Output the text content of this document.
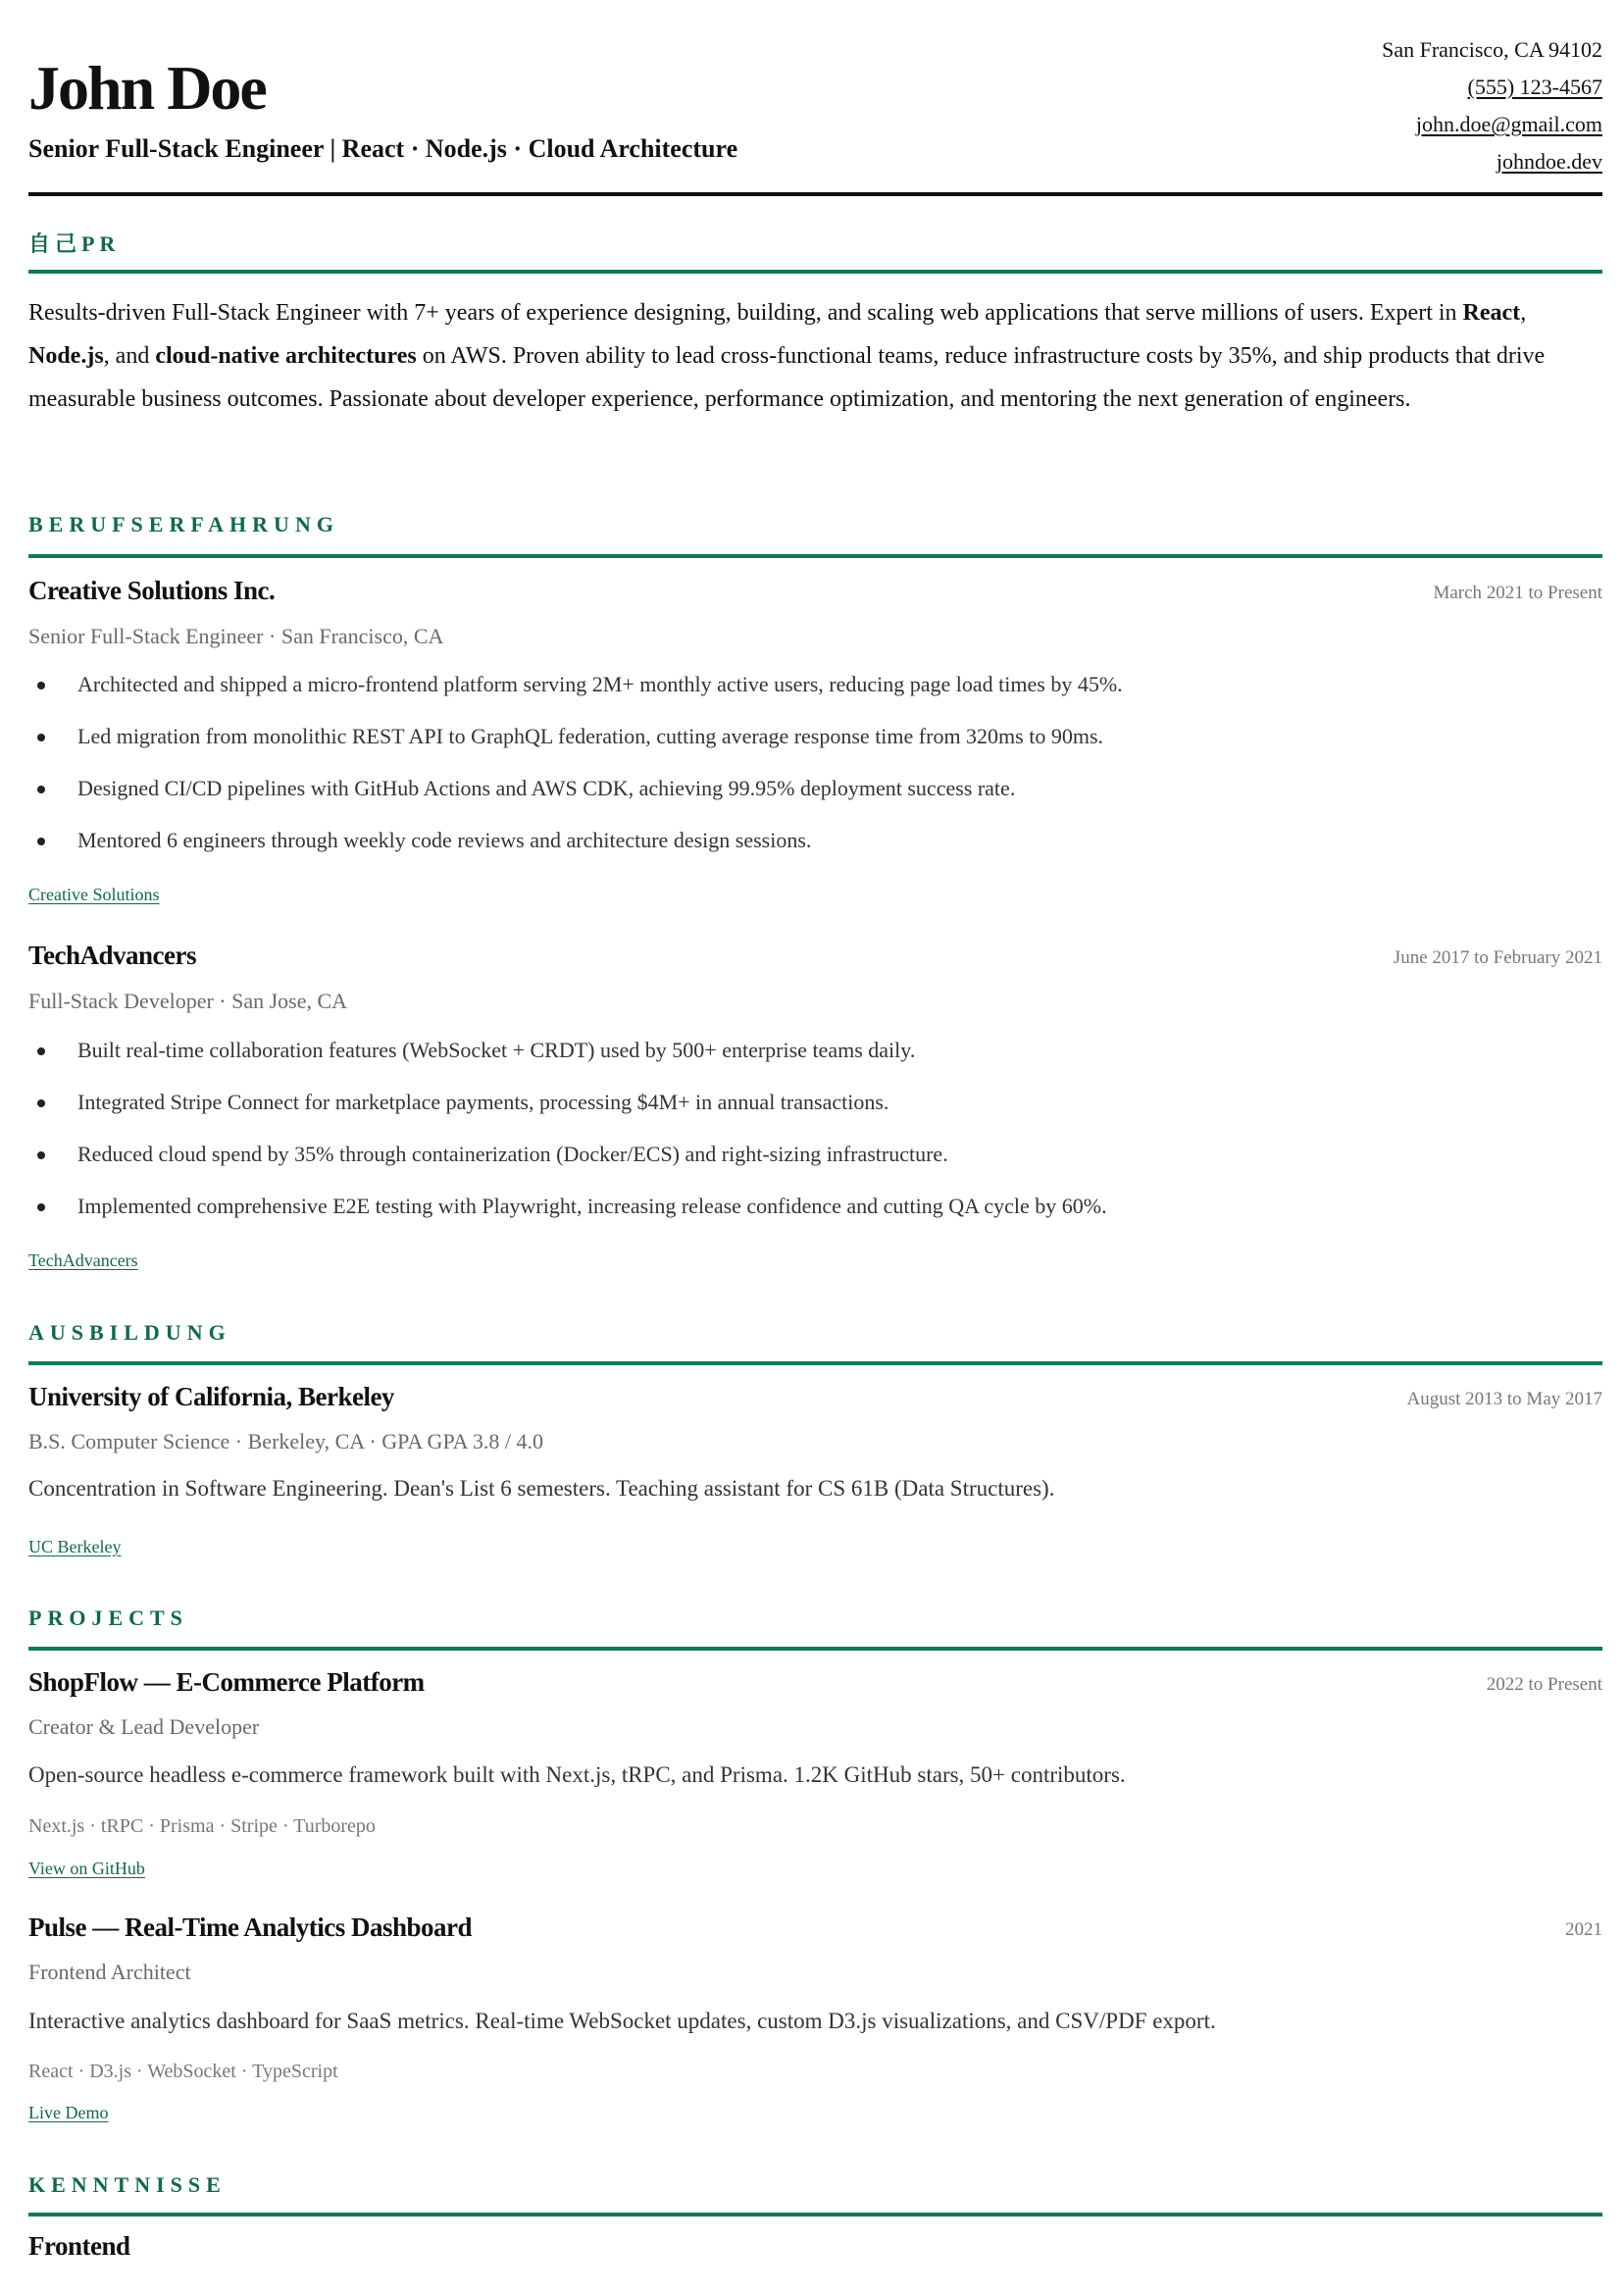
John Doe
Senior Full-Stack Engineer | React · Node.js · Cloud Architecture
San Francisco, CA 94102
(555) 123-4567
john.doe@gmail.com
johndoe.dev
自己PR
Results-driven Full-Stack Engineer with 7+ years of experience designing, building, and scaling web applications that serve millions of users. Expert in React, Node.js, and cloud-native architectures on AWS. Proven ability to lead cross-functional teams, reduce infrastructure costs by 35%, and ship products that drive measurable business outcomes. Passionate about developer experience, performance optimization, and mentoring the next generation of engineers.
BERUFSERFAHRUNG
Creative Solutions Inc.	March 2021 to Present
Senior Full-Stack Engineer · San Francisco, CA
Architected and shipped a micro-frontend platform serving 2M+ monthly active users, reducing page load times by 45%.
Led migration from monolithic REST API to GraphQL federation, cutting average response time from 320ms to 90ms.
Designed CI/CD pipelines with GitHub Actions and AWS CDK, achieving 99.95% deployment success rate.
Mentored 6 engineers through weekly code reviews and architecture design sessions.
Creative Solutions
TechAdvancers	June 2017 to February 2021
Full-Stack Developer · San Jose, CA
Built real-time collaboration features (WebSocket + CRDT) used by 500+ enterprise teams daily.
Integrated Stripe Connect for marketplace payments, processing $4M+ in annual transactions.
Reduced cloud spend by 35% through containerization (Docker/ECS) and right-sizing infrastructure.
Implemented comprehensive E2E testing with Playwright, increasing release confidence and cutting QA cycle by 60%.
TechAdvancers
AUSBILDUNG
University of California, Berkeley	August 2013 to May 2017
B.S. Computer Science · Berkeley, CA · GPA GPA 3.8 / 4.0
Concentration in Software Engineering. Dean's List 6 semesters. Teaching assistant for CS 61B (Data Structures).
UC Berkeley
PROJECTS
ShopFlow — E-Commerce Platform	2022 to Present
Creator & Lead Developer
Open-source headless e-commerce framework built with Next.js, tRPC, and Prisma. 1.2K GitHub stars, 50+ contributors.
Next.js · tRPC · Prisma · Stripe · Turborepo
View on GitHub
Pulse — Real-Time Analytics Dashboard	2021
Frontend Architect
Interactive analytics dashboard for SaaS metrics. Real-time WebSocket updates, custom D3.js visualizations, and CSV/PDF export.
React · D3.js · WebSocket · TypeScript
Live Demo
KENNTNISSE
Frontend
